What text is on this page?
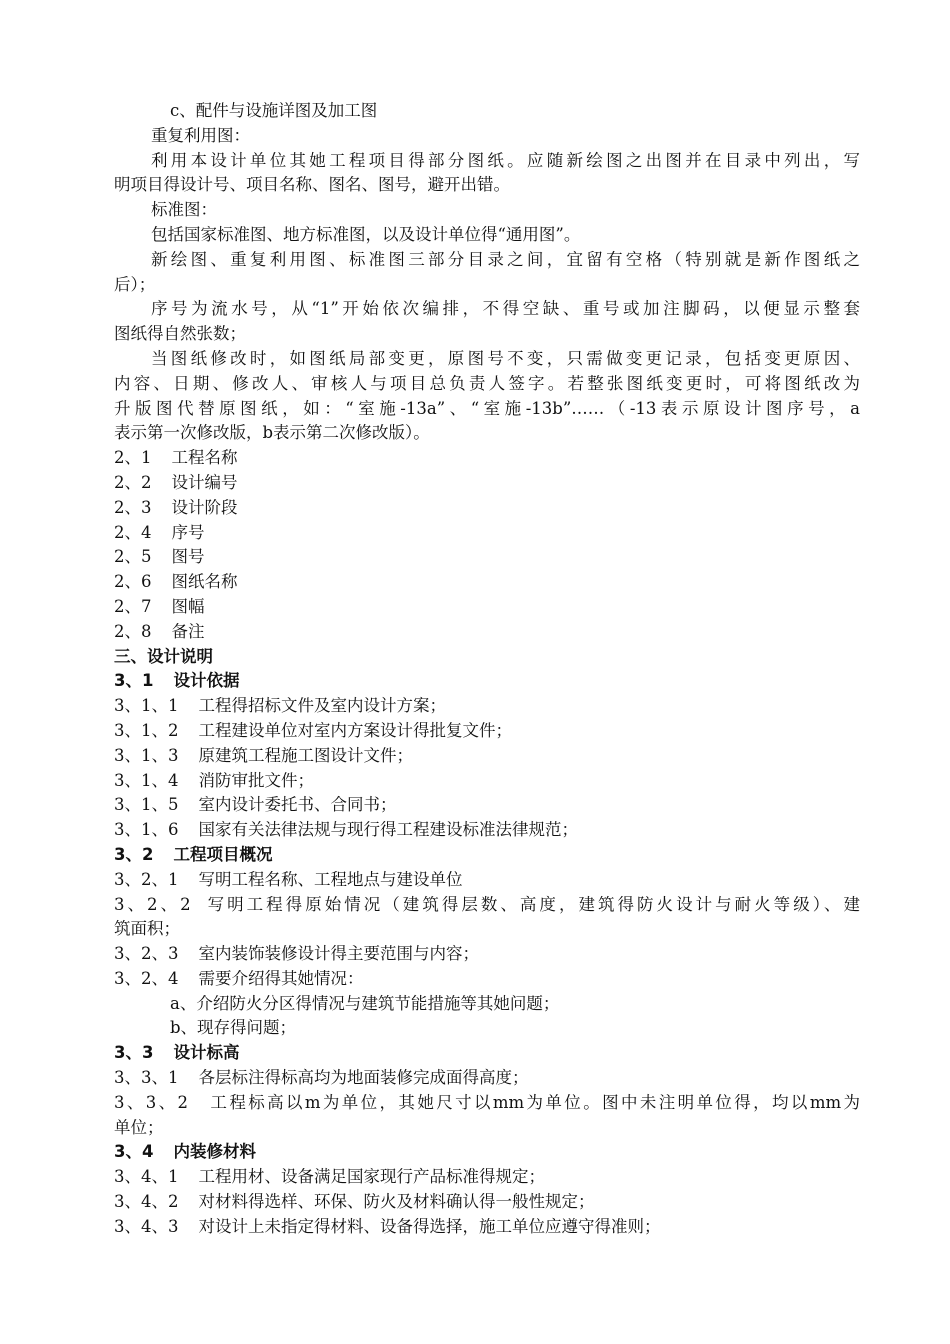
c、配件与设施详图及加工图
重复利用图：
利用本设计单位其她工程项目得部分图纸。应随新绘图之出图并在目录中列出，写
明项目得设计号、项目名称、图名、图号，避开出错。
标准图：
包括国家标准图、地方标准图，以及设计单位得“通用图”。
新绘图、重复利用图、标准图三部分目录之间，宜留有空格（特别就是新作图纸之
后）；
序号为流水号，从“1”开始依次编排，不得空缺、重号或加注脚码，以便显示整套
图纸得自然张数；
当图纸修改时，如图纸局部变更，原图号不变，只需做变更记录，包括变更原因、
内容、日期、修改人、审核人与项目总负责人签字。若整张图纸变更时，可将图纸改为
升版图代替原图纸，如：“室施-13a”、“室施-13b”……（-13表示原设计图序号，a
表示第一次修改版，b表示第二次修改版）。
2、1 工程名称
2、2 设计编号
2、3 设计阶段
2、4 序号
2、5 图号
2、6 图纸名称
2、7 图幅
2、8 备注
三、设计说明
3、1 设计依据
3、1、1 工程得招标文件及室内设计方案；
3、1、2 工程建设单位对室内方案设计得批复文件；
3、1、3 原建筑工程施工图设计文件；
3、1、4 消防审批文件；
3、1、5 室内设计委托书、合同书；
3、1、6 国家有关法律法规与现行得工程建设标准法律规范；
3、2 工程项目概况
3、2、1 写明工程名称、工程地点与建设单位
3、2、2 写明工程得原始情况（建筑得层数、高度，建筑得防火设计与耐火等级）、建
筑面积；
3、2、3 室内装饰装修设计得主要范围与内容；
3、2、4 需要介绍得其她情况：
a、介绍防火分区得情况与建筑节能措施等其她问题；
b、现存得问题；
3、3 设计标高
3、3、1 各层标注得标高均为地面装修完成面得高度；
3、3、2 工程标高以m为单位，其她尺寸以mm为单位。图中未注明单位得，均以mm为
单位；
3、4 内装修材料
3、4、1 工程用材、设备满足国家现行产品标准得规定；
3、4、2 对材料得选样、环保、防火及材料确认得一般性规定；
3、4、3 对设计上未指定得材料、设备得选择，施工单位应遵守得准则；
